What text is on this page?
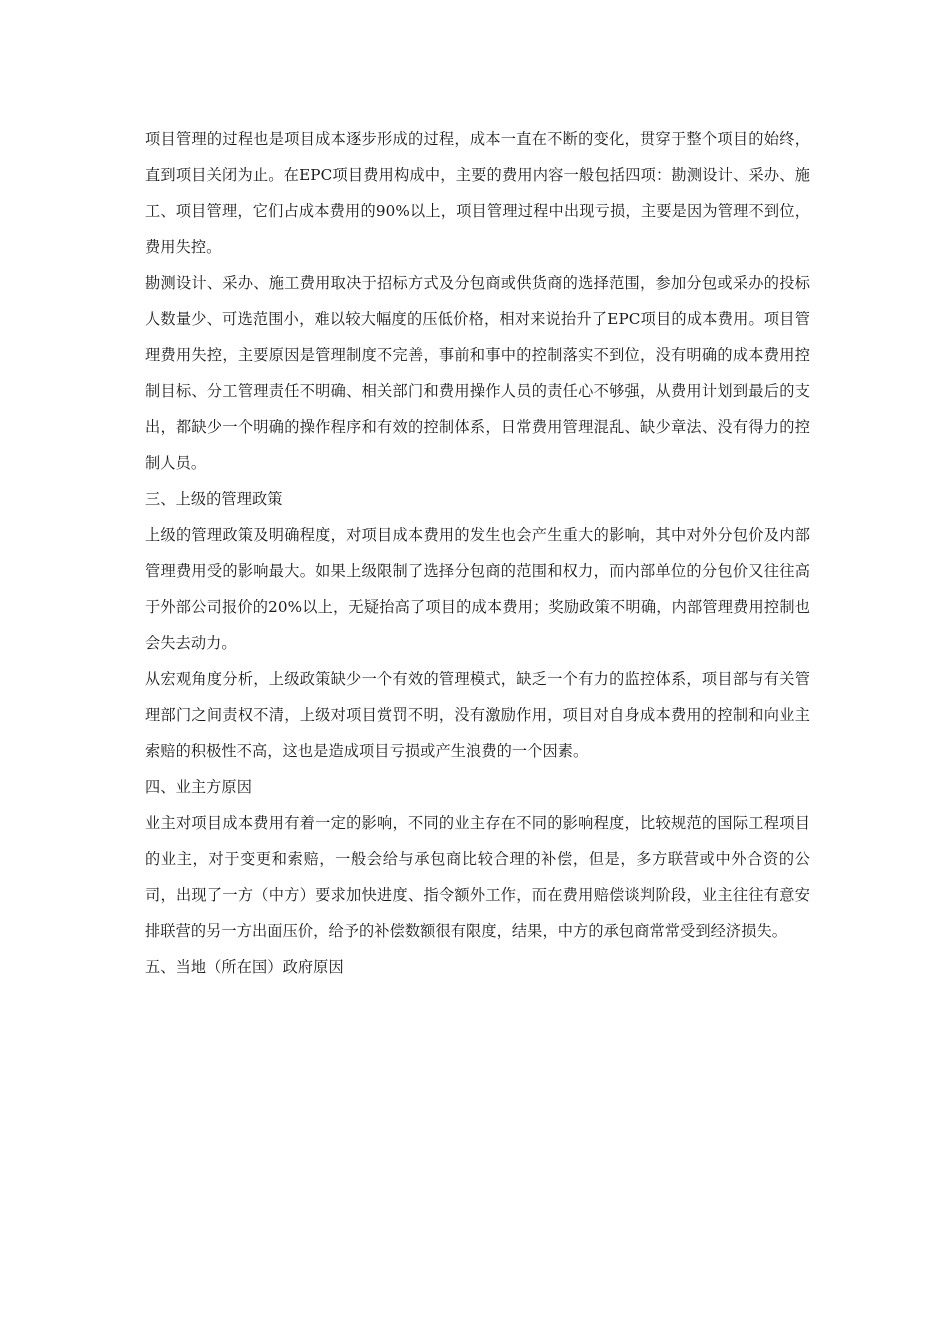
项目管理的过程也是项目成本逐步形成的过程，成本一直在不断的变化，贯穿于整个项目的始终，直到项目关闭为止。在EPC项目费用构成中，主要的费用内容一般包括四项：勘测设计、采办、施工、项目管理，它们占成本费用的90%以上，项目管理过程中出现亏损，主要是因为管理不到位，费用失控。

勘测设计、采办、施工费用取决于招标方式及分包商或供货商的选择范围，参加分包或采办的投标人数量少、可选范围小，难以较大幅度的压低价格，相对来说抬升了EPC项目的成本费用。项目管理费用失控，主要原因是管理制度不完善，事前和事中的控制落实不到位，没有明确的成本费用控制目标、分工管理责任不明确、相关部门和费用操作人员的责任心不够强，从费用计划到最后的支出，都缺少一个明确的操作程序和有效的控制体系，日常费用管理混乱、缺少章法、没有得力的控制人员。

三、上级的管理政策

上级的管理政策及明确程度，对项目成本费用的发生也会产生重大的影响，其中对外分包价及内部管理费用受的影响最大。如果上级限制了选择分包商的范围和权力，而内部单位的分包价又往往高于外部公司报价的20%以上，无疑抬高了项目的成本费用；奖励政策不明确，内部管理费用控制也会失去动力。

从宏观角度分析，上级政策缺少一个有效的管理模式，缺乏一个有力的监控体系，项目部与有关管理部门之间责权不清，上级对项目赏罚不明，没有激励作用，项目对自身成本费用的控制和向业主索赔的积极性不高，这也是造成项目亏损或产生浪费的一个因素。

四、业主方原因

业主对项目成本费用有着一定的影响，不同的业主存在不同的影响程度，比较规范的国际工程项目的业主，对于变更和索赔，一般会给与承包商比较合理的补偿，但是，多方联营或中外合资的公司，出现了一方（中方）要求加快进度、指令额外工作，而在费用赔偿谈判阶段，业主往往有意安排联营的另一方出面压价，给予的补偿数额很有限度，结果，中方的承包商常常受到经济损失。

五、当地（所在国）政府原因
